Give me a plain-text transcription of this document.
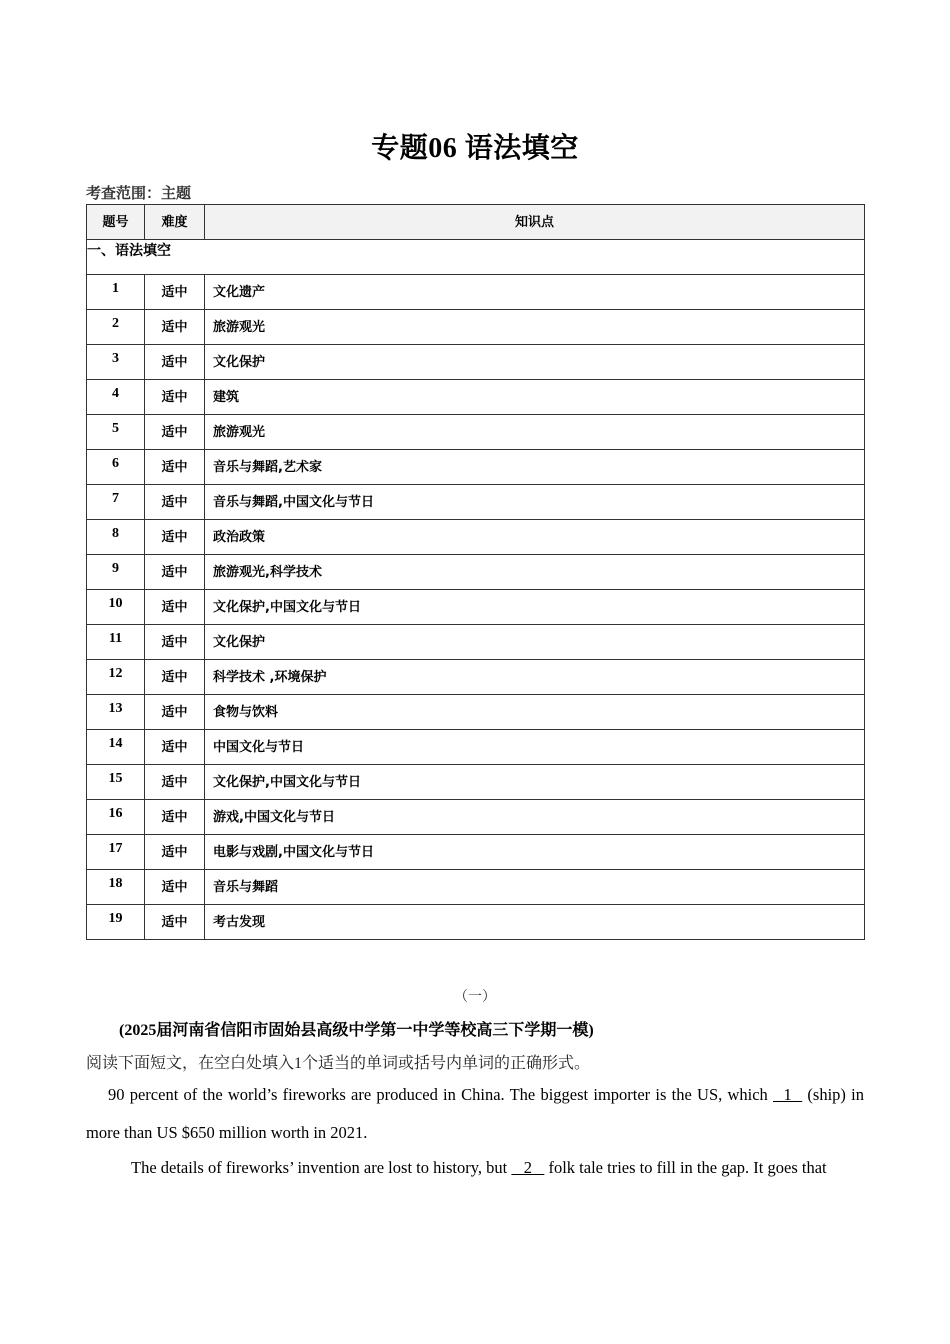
专题06 语法填空
考查范围：主题
题号	难度	知识点
一、语法填空		
1	适中	文化遗产
2	适中	旅游观光
3	适中	文化保护
4	适中	建筑
5	适中	旅游观光
6	适中	音乐与舞蹈,艺术家
7	适中	音乐与舞蹈,中国文化与节日
8	适中	政治政策
9	适中	旅游观光,科学技术
10	适中	文化保护,中国文化与节日
11	适中	文化保护
12	适中	科学技术 ,环境保护
13	适中	食物与饮料
14	适中	中国文化与节日
15	适中	文化保护,中国文化与节日
16	适中	游戏,中国文化与节日
17	适中	电影与戏剧,中国文化与节日
18	适中	音乐与舞蹈
19	适中	考古发现
（一）
(2025届河南省信阳市固始县高级中学第一中学等校高三下学期一模)
阅读下面短文，在空白处填入1个适当的单词或括号内单词的正确形式。
90 percent of the world’s fireworks are produced in China. The biggest importer is the US, which   1   (ship) in more than US $650 million worth in 2021.
The details of fireworks’ invention are lost to history, but    2    folk tale tries to fill in the gap. It goes that
